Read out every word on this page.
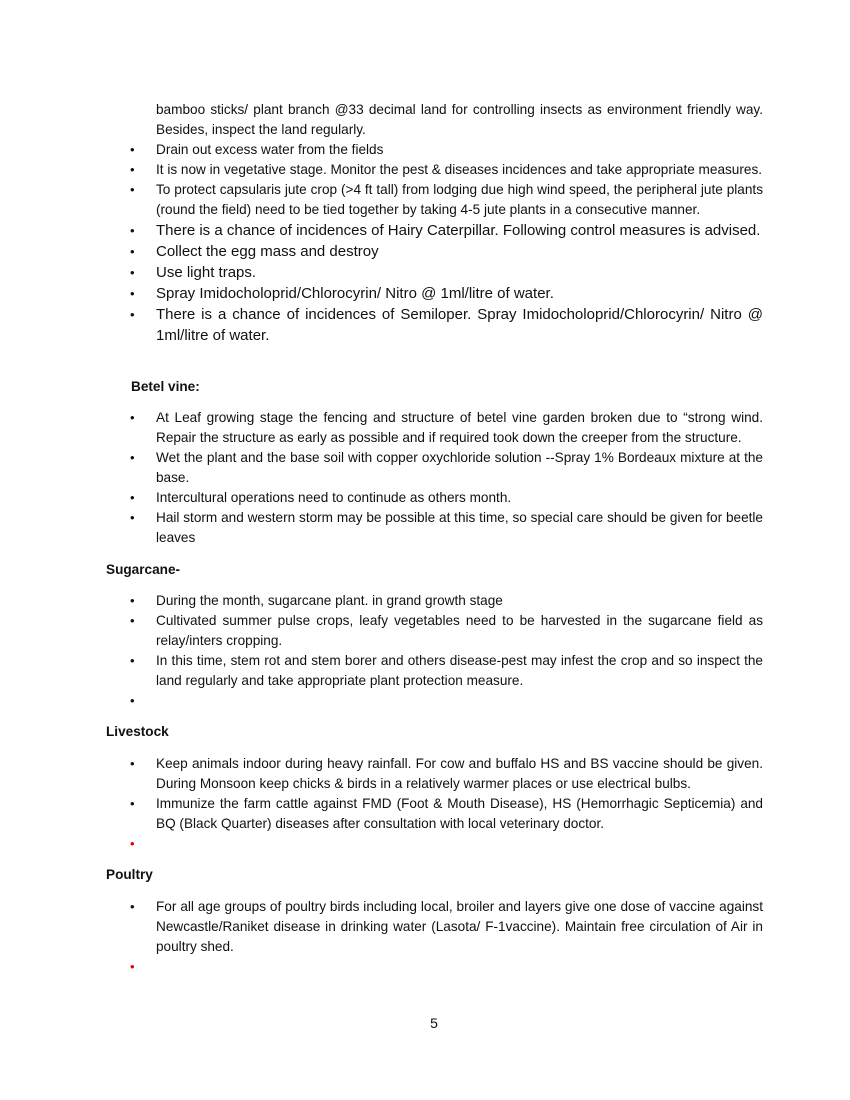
bamboo sticks/ plant branch @33 decimal land for controlling insects as environment friendly way. Besides, inspect the land regularly.

• Drain out excess water from the fields
• It is now in vegetative stage. Monitor the pest & diseases incidences and take appropriate measures.
• To protect capsularis jute crop (>4 ft tall) from lodging due high wind speed, the peripheral jute plants (round the field) need to be tied together by taking 4-5 jute plants in a consecutive manner.
• There is a chance of incidences of Hairy Caterpillar. Following control measures is advised.
• Collect the egg mass and destroy
• Use light traps.
• Spray Imidocholoprid/Chlorocyrin/ Nitro @ 1ml/litre of water.
• There is a chance of incidences of Semiloper. Spray Imidocholoprid/Chlorocyrin/ Nitro @ 1ml/litre of water.

Betel vine:

• At Leaf growing stage the fencing and structure of betel vine garden broken due to “strong wind. Repair the structure as early as possible and if required took down the creeper from the structure.
• Wet the plant and the base soil with copper oxychloride solution --Spray 1% Bordeaux mixture at the base.
• Intercultural operations need to continude as others month.
• Hail storm and western storm may be possible at this time, so special care should be given for beetle leaves

Sugarcane-

• During the month, sugarcane plant. in grand growth stage
• Cultivated summer pulse crops, leafy vegetables need to be harvested in the sugarcane field as relay/inters cropping.
• In this time, stem rot and stem borer and others disease-pest may infest the crop and so inspect the land regularly and take appropriate plant protection measure.
•

Livestock

• Keep animals indoor during heavy rainfall. For cow and buffalo HS and BS vaccine should be given. During Monsoon keep chicks & birds in a relatively warmer places or use electrical bulbs.
• Immunize the farm cattle against FMD (Foot & Mouth Disease), HS (Hemorrhagic Septicemia) and BQ (Black Quarter) diseases after consultation with local veterinary doctor.
•

Poultry

• For all age groups of poultry birds including local, broiler and layers give one dose of vaccine against Newcastle/Raniket disease in drinking water (Lasota/ F-1vaccine). Maintain free circulation of Air in poultry shed.
•

5
